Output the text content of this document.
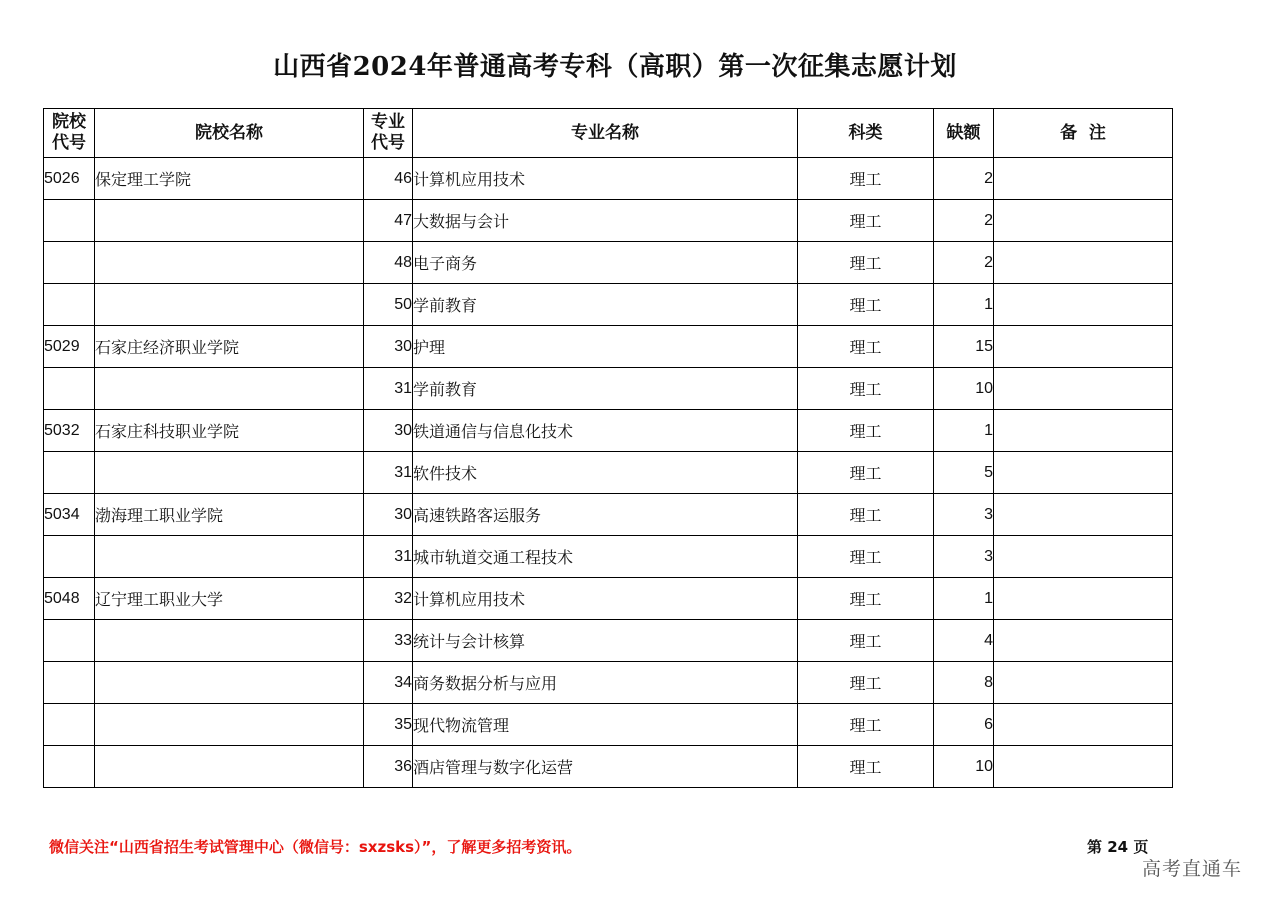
山西省2024年普通高考专科（高职）第一次征集志愿计划
院校代号	院校名称	专业代号	专业名称	科类	缺额	备  注
5026	保定理工学院	46	计算机应用技术	理工	2	
		47	大数据与会计	理工	2	
		48	电子商务	理工	2	
		50	学前教育	理工	1	
5029	石家庄经济职业学院	30	护理	理工	15	
		31	学前教育	理工	10	
5032	石家庄科技职业学院	30	铁道通信与信息化技术	理工	1	
		31	软件技术	理工	5	
5034	渤海理工职业学院	30	高速铁路客运服务	理工	3	
		31	城市轨道交通工程技术	理工	3	
5048	辽宁理工职业大学	32	计算机应用技术	理工	1	
		33	统计与会计核算	理工	4	
		34	商务数据分析与应用	理工	8	
		35	现代物流管理	理工	6	
		36	酒店管理与数字化运营	理工	10	
微信关注“山西省招生考试管理中心（微信号：sxzsks）”，了解更多招考资讯。	第 24 页
高考直通车
